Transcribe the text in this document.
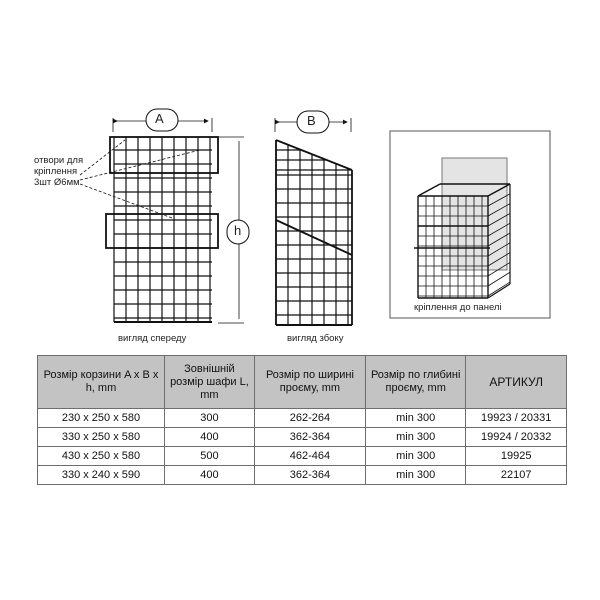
отвори для
кріплення
3шт Ø6мм
A	B
h
вигляд спереду	вигляд збоку
кріплення до панелі
Розмір корзини A x B x h, mm	Зовнішній розмір шафи L, mm	Розмір по ширині проєму, mm	Розмір по глибині проєму, mm	АРТИКУЛ
230 x 250 x 580	300	262-264	min 300	19923 / 20331
330 x 250 x 580	400	362-364	min 300	19924 / 20332
430 x 250 x 580	500	462-464	min 300	19925
330 x 240 x 590	400	362-364	min 300	22107
